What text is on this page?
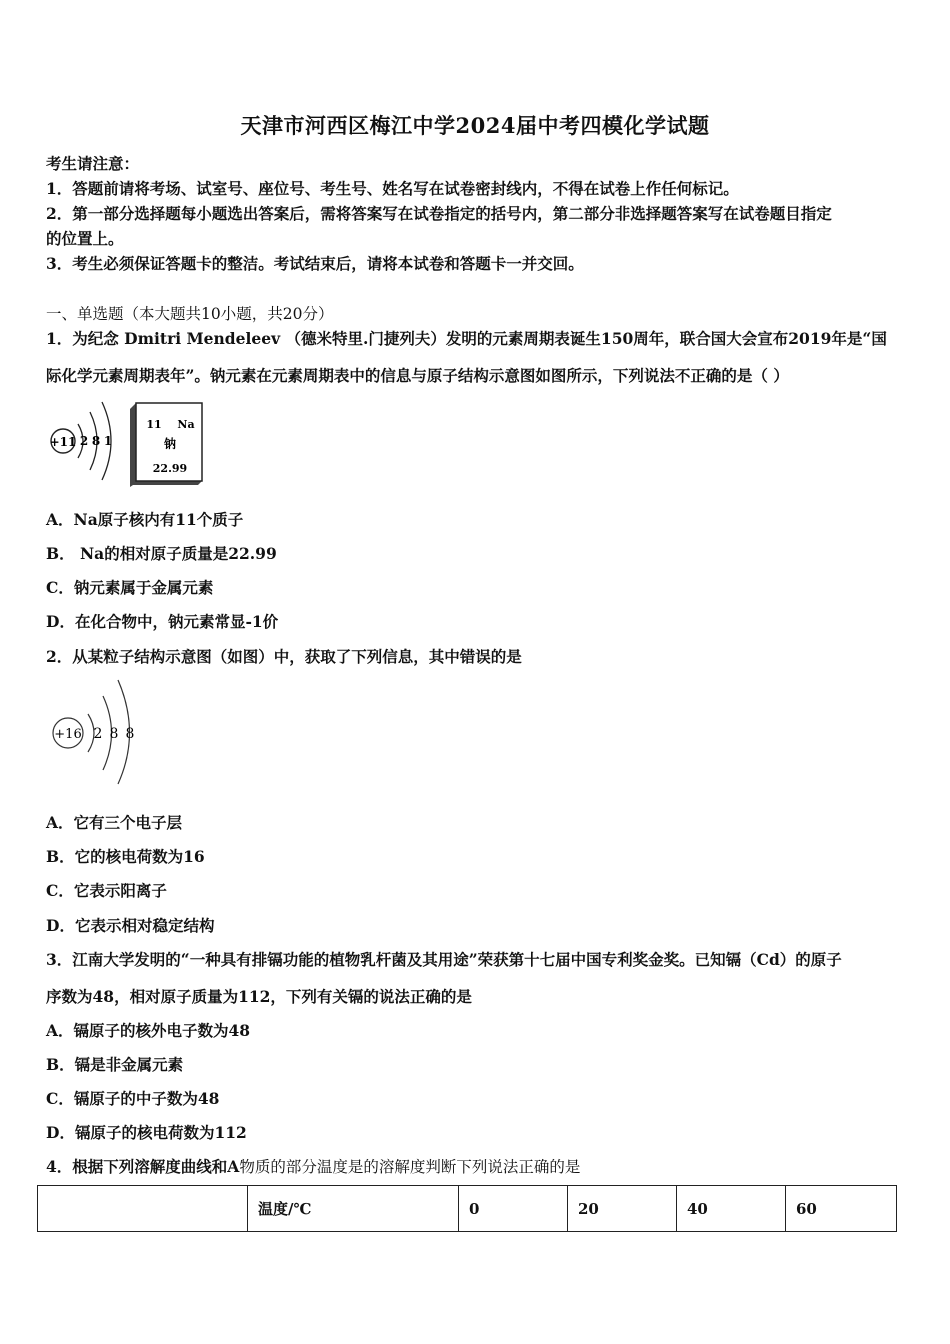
天津市河西区梅江中学2024届中考四模化学试题
考生请注意：
1．答题前请将考场、试室号、座位号、考生号、姓名写在试卷密封线内，不得在试卷上作任何标记。
2．第一部分选择题每小题选出答案后，需将答案写在试卷指定的括号内，第二部分非选择题答案写在试卷题目指定
的位置上。
3．考生必须保证答题卡的整洁。考试结束后，请将本试卷和答题卡一并交回。
一、单选题（本大题共10小题，共20分）
1．为纪念 Dmitri Mendeleev （德米特里.门捷列夫）发明的元素周期表诞生150周年，联合国大会宣布2019年是“国
际化学元素周期表年”。钠元素在元素周期表中的信息与原子结构示意图如图所示，下列说法不正确的是（ ）
+11 2 8 1
11 Na
钠
22.99
A．Na原子核内有11个质子
B． Na的相对原子质量是22.99
C．钠元素属于金属元素
D．在化合物中，钠元素常显-1价
2．从某粒子结构示意图（如图）中，获取了下列信息，其中错误的是
+16 2 8 8
A．它有三个电子层
B．它的核电荷数为16
C．它表示阳离子
D．它表示相对稳定结构
3．江南大学发明的“一种具有排镉功能的植物乳杆菌及其用途”荣获第十七届中国专利奖金奖。已知镉（Cd）的原子
序数为48，相对原子质量为112，下列有关镉的说法正确的是
A．镉原子的核外电子数为48
B．镉是非金属元素
C．镉原子的中子数为48
D．镉原子的核电荷数为112
4．根据下列溶解度曲线和A物质的部分温度是的溶解度判断下列说法正确的是
	温度/℃	0	20	40	60
